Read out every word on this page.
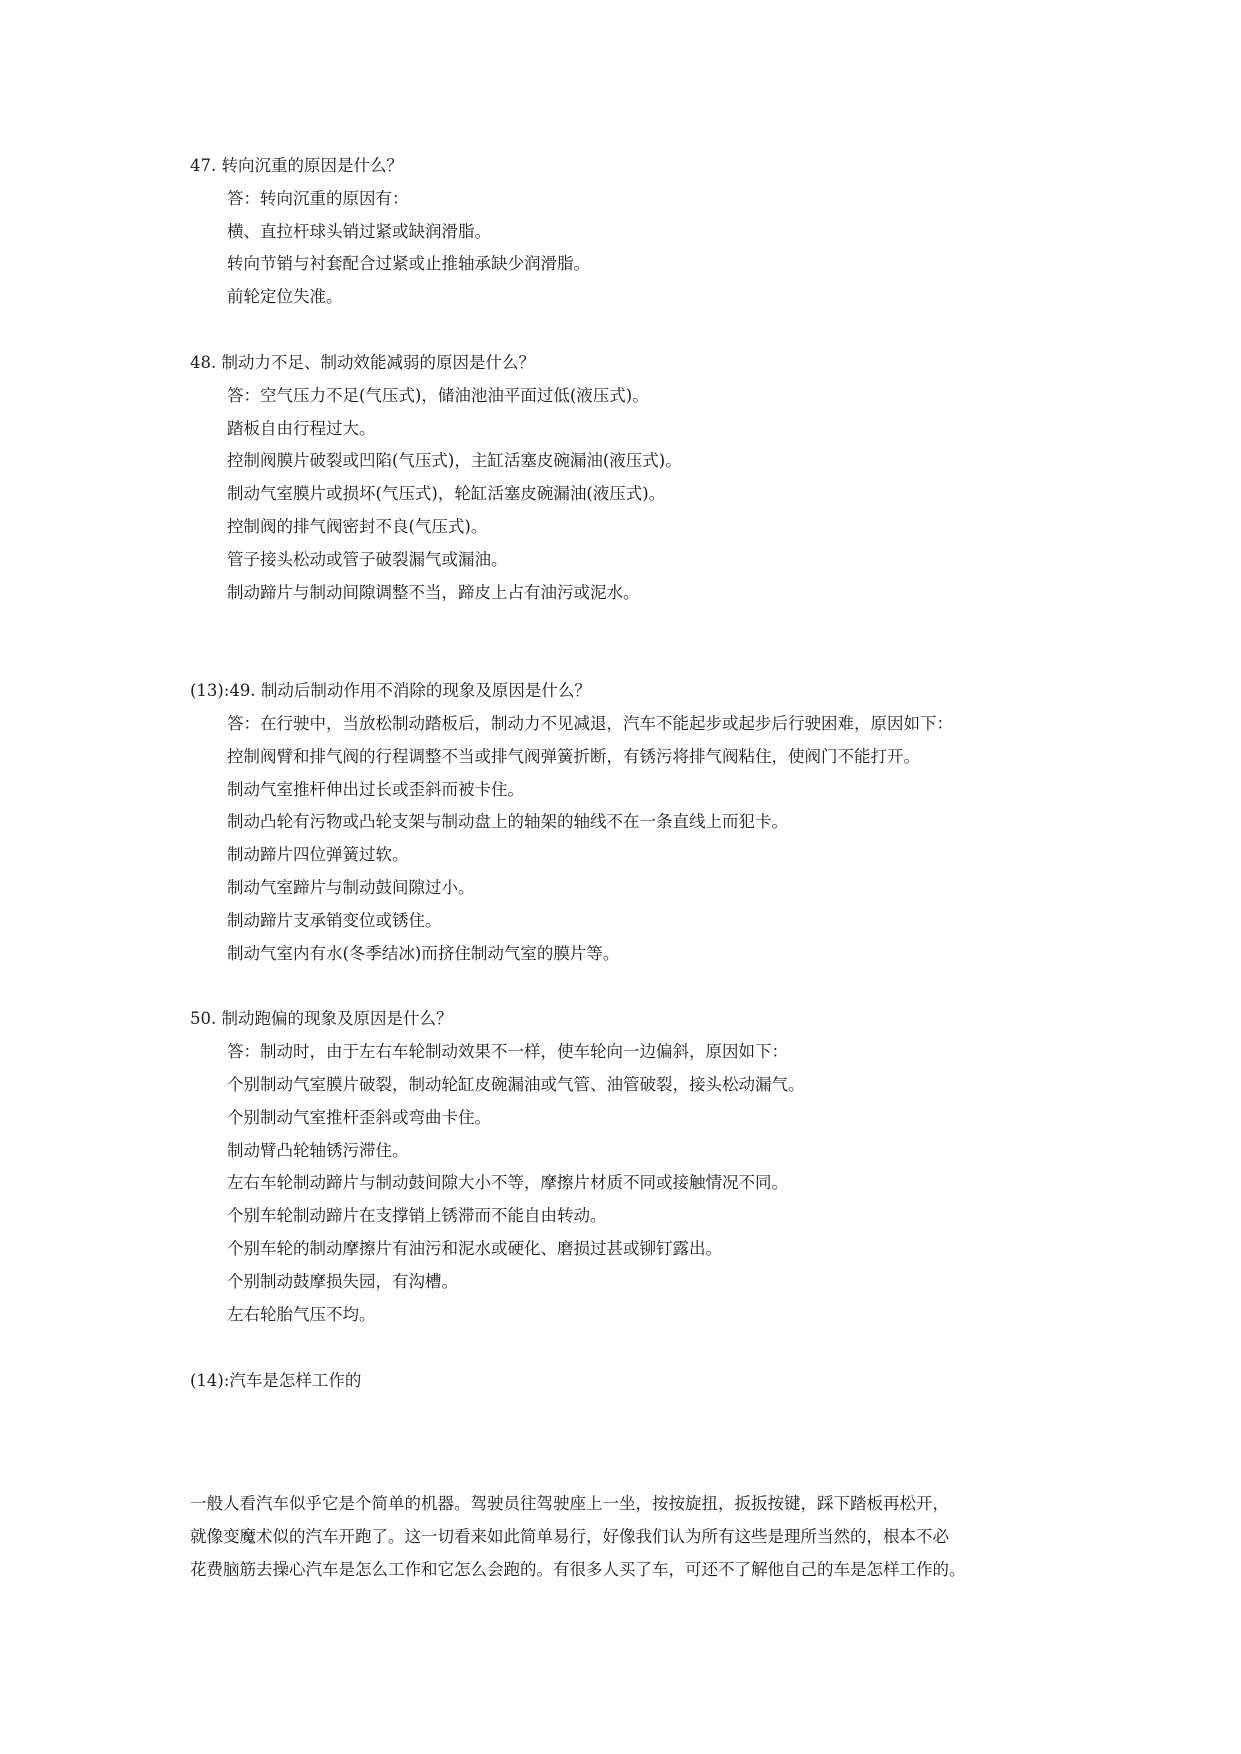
47. 转向沉重的原因是什么？

答：转向沉重的原因有：

横、直拉杆球头销过紧或缺润滑脂。

转向节销与衬套配合过紧或止推轴承缺少润滑脂。

前轮定位失准。

48. 制动力不足、制动效能减弱的原因是什么？

答：空气压力不足(气压式)，储油池油平面过低(液压式)。

踏板自由行程过大。

控制阀膜片破裂或凹陷(气压式)，主缸活塞皮碗漏油(液压式)。

制动气室膜片或损坏(气压式)，轮缸活塞皮碗漏油(液压式)。

控制阀的排气阀密封不良(气压式)。

管子接头松动或管子破裂漏气或漏油。

制动蹄片与制动间隙调整不当，蹄皮上占有油污或泥水。

(13):49. 制动后制动作用不消除的现象及原因是什么？

答：在行驶中，当放松制动踏板后，制动力不见减退，汽车不能起步或起步后行驶困难，原因如下：

控制阀臂和排气阀的行程调整不当或排气阀弹簧折断，有锈污将排气阀粘住，使阀门不能打开。

制动气室推杆伸出过长或歪斜而被卡住。

制动凸轮有污物或凸轮支架与制动盘上的轴架的轴线不在一条直线上而犯卡。

制动蹄片四位弹簧过软。

制动气室蹄片与制动鼓间隙过小。

制动蹄片支承销变位或锈住。

制动气室内有水(冬季结冰)而挤住制动气室的膜片等。

50. 制动跑偏的现象及原因是什么？

答：制动时，由于左右车轮制动效果不一样，使车轮向一边偏斜，原因如下：

个别制动气室膜片破裂，制动轮缸皮碗漏油或气管、油管破裂，接头松动漏气。

个别制动气室推杆歪斜或弯曲卡住。

制动臂凸轮轴锈污滞住。

左右车轮制动蹄片与制动鼓间隙大小不等，摩擦片材质不同或接触情况不同。

个别车轮制动蹄片在支撑销上锈滞而不能自由转动。

个别车轮的制动摩擦片有油污和泥水或硬化、磨损过甚或铆钉露出。

个别制动鼓摩损失园，有沟槽。

左右轮胎气压不均。

(14):汽车是怎样工作的

一般人看汽车似乎它是个简单的机器。驾驶员往驾驶座上一坐，按按旋扭，扳扳按键，踩下踏板再松开，

就像变魔术似的汽车开跑了。这一切看来如此简单易行，好像我们认为所有这些是理所当然的，根本不必

花费脑筋去操心汽车是怎么工作和它怎么会跑的。有很多人买了车，可还不了解他自己的车是怎样工作的。
